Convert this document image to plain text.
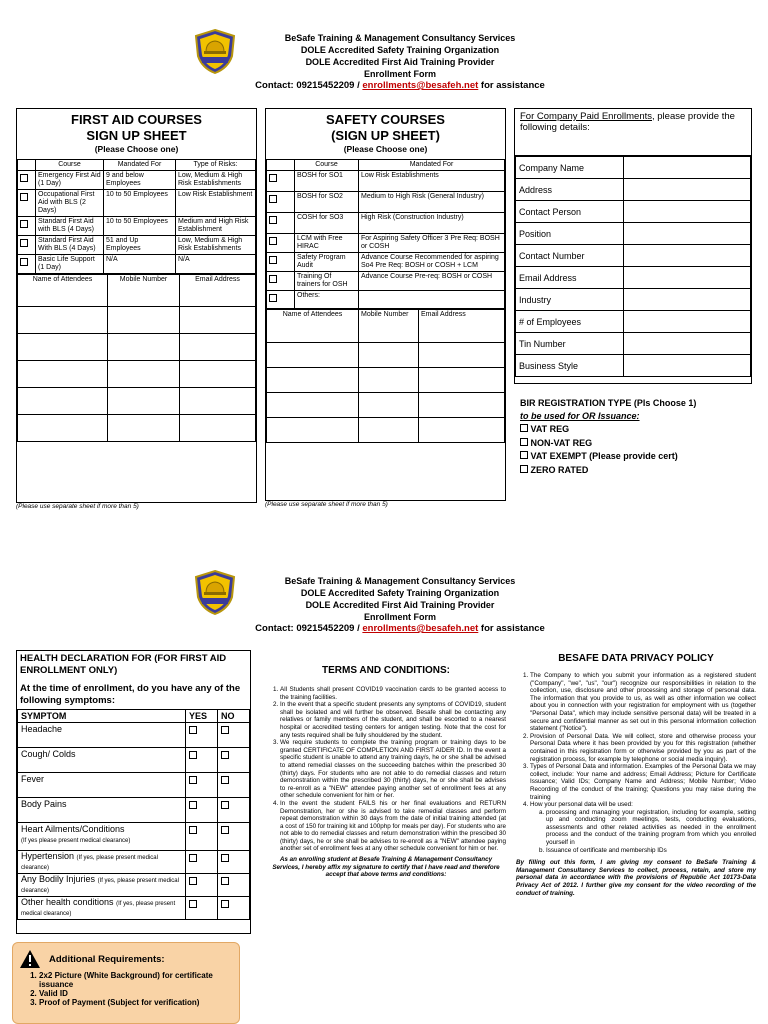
BeSafe Training & Management Consultancy Services
DOLE Accredited Safety Training Organization
DOLE Accredited First Aid Training Provider
Enrollment Form
Contact: 09215452209 / enrollments@besafeh.net for assistance
FIRST AID COURSES
SIGN UP SHEET
(Please Choose one)
	Course	Mandated For	Type of Risks:
	Emergency First Aid (1 Day)	9 and below Employees	Low, Medium & High Risk Establishments
	Occupational First Aid with BLS (2 Days)	10 to 50 Employees	Low Risk Establishment
	Standard First Aid with BLS (4 Days)	10 to 50 Employees	Medium and High Risk Establishment
	Standard First Aid With BLS (4 Days)	51 and Up Employees	Low, Medium & High Risk Establishments
	Basic Life Support (1 Day)	N/A	N/A
Name of Attendees	Mobile Number	Email Address

(Please use separate sheet if more than 5)
SAFETY COURSES
(SIGN UP SHEET)
(Please Choose one)
	Course	Mandated For
	BOSH for SO1	Low Risk Establishments
	BOSH for SO2	Medium to High Risk (General Industry)
	COSH for SO3	High Risk (Construction Industry)
	LCM with Free HIRAC	For Aspiring Safety Officer 3 Pre Req: BOSH or COSH
	Safety Program Audit	Advance Course Recommended for aspiring So4 Pre Req: BOSH or COSH + LCM
	Training Of trainers for OSH	Advance Course Pre-req: BOSH or COSH
	Others:	
Name of Attendees	Mobile Number	Email Address

(Please use separate sheet if more than 5)
For Company Paid Enrollments, please provide the following details:
Company Name	
Address	
Contact Person	
Position	
Contact Number	
Email Address	
Industry	
# of Employees	
Tin Number	
Business Style	
BIR REGISTRATION TYPE (Pls Choose 1)
to be used for OR Issuance:
VAT REG
NON-VAT REG
VAT EXEMPT (Please provide cert)
ZERO RATED
BeSafe Training & Management Consultancy Services
DOLE Accredited Safety Training Organization
DOLE Accredited First Aid Training Provider
Enrollment Form
Contact: 09215452209 / enrollments@besafeh.net for assistance
HEALTH DECLARATION FOR (FOR FIRST AID ENROLLMENT ONLY)
At the time of enrollment, do you have any of the following symptoms:
SYMPTOM	YES	NO
Headache		
Cough/ Colds		
Fever		
Body Pains		
Heart Ailments/Conditions
(If yes please present medical clearance)		
Hypertension (If yes, please present medical clearance)		
Any Bodily Injuries (If yes, please present medical clearance)		
Other health conditions (If yes, please present medical clearance)		
Additional Requirements:
1. 2x2 Picture (White Background) for certificate issuance
2. Valid ID
3. Proof of Payment (Subject for verification)
TERMS AND CONDITIONS:
1. All Students shall present COVID19 vaccination cards to be granted access to the training facilities.
2. In the event that a specific student presents any symptoms of COVID19, student shall be isolated and will further be observed. Besafe shall be contacting any relatives or family members of the student, and shall be escorted to a nearest hospital or accredited testing centers for antigen testing. Note that the cost for any tests required shall be fully shouldered by the student.
3. We require students to complete the training program or training days to be granted CERTIFICATE OF COMPLETION AND FIRST AIDER ID. In the event a specific student is unable to attend any training day/s, he or she shall be advised to attend remedial classes on the succeeding batches within the prescribed 30 (thirty) days. For students who are not able to do remedial classes and return demonstration within the prescribed 30 (thirty) days, he or she shall be advises to re-enroll as a "NEW" attendee paying another set of enrollment fees at any other schedule convenient for him or her.
4. In the event the student FAILS his or her final evaluations and RETURN Demonstration, her or she is advised to take remedial classes and perform repeat demonstration within 30 days from the date of initial training attended (at a cost of 150 for training kit and 100php for meals per day). For students who are not able to do remedial classes and return demonstration within the prescibed 30 (thirty) days, he or she shall be advises to re-enroll as a "NEW" attendee paying another set of enrollment fees at any other schedule convenient for him or her.
As an enrolling student at Besafe Training & Management Consultancy Services, I hereby affix my signature to certify that I have read and therefore accept that above terms and conditions:
BESAFE DATA PRIVACY POLICY
1. The Company to which you submit your information as a registered student ("Company", "we", "us", "our") recognize our responsibilities in relation to the collection, use, disclosure and other processing and storage of personal data. The information that you provide to us, as well as other information we collect about you in connection with your registration for employment with us (together "Personal Data", which may include sensitive personal data) will be treated in a secure and confidential manner as set out in this personal information collection statement ("Notice").
2. Provision of Personal Data. We will collect, store and otherwise process your Personal Data where it has been provided by you for this registration (whether contained in this registration form or otherwise provided by you as part of the registration process, for example by telephone or social media inquiry).
3. Types of Personal Data and information. Examples of the Personal Data we may collect, include: Your name and address; Email Address; Picture for Certificate Issuance; Valid IDs; Company Name and Address; Mobile Number; Video Recording of the conduct of the training; Questions you may raise during the training
4. How your personal data will be used:
a. processing and managing your registration, including for example, setting up and conducting zoom meetings, tests, conducting evaluations, assessments and other related activities as needed in the enrollment process and the conduct of the training program from which you enrolled yourself in
b. Issuance of certificate and membership IDs
By filling out this form, I am giving my consent to BeSafe Training & Management Consultancy Services to collect, process, retain, and store my personal data in accordance with the provisions of Republic Act 10173-Data Privacy Act of 2012. I further give my consent for the video recording of the conduct of training.
